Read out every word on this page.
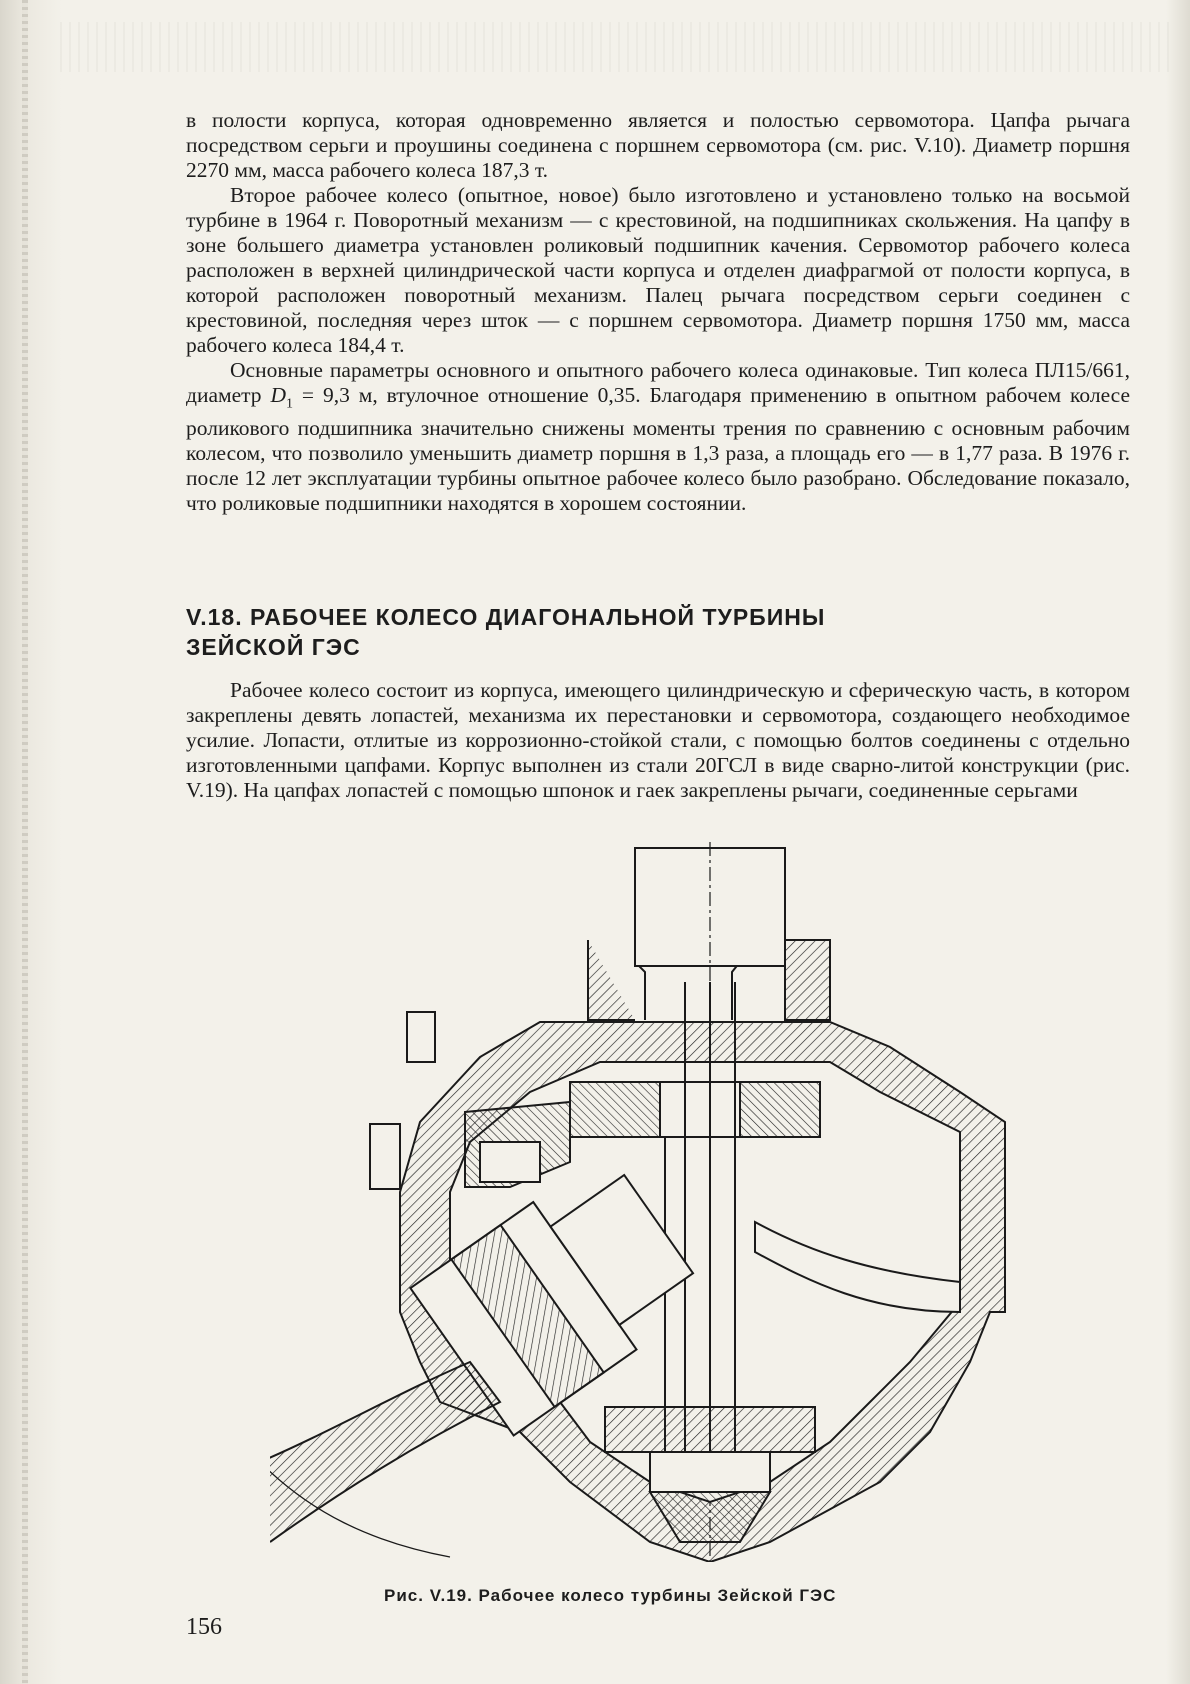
в полости корпуса, которая одновременно является и полостью сервомотора. Цапфа рычага посредством серьги и проушины соединена с поршнем сервомотора (см. рис. V.10). Диаметр поршня 2270 мм, масса рабочего колеса 187,3 т.

Второе рабочее колесо (опытное, новое) было изготовлено и установлено только на восьмой турбине в 1964 г. Поворотный механизм — с крестовиной, на подшипниках скольжения. На цапфу в зоне большего диаметра установлен роликовый подшипник качения. Сервомотор рабочего колеса расположен в верхней цилиндрической части корпуса и отделен диафрагмой от полости корпуса, в которой расположен поворотный механизм. Палец рычага посредством серьги соединен с крестовиной, последняя через шток — с поршнем сервомотора. Диаметр поршня 1750 мм, масса рабочего колеса 184,4 т.

Основные параметры основного и опытного рабочего колеса одинаковые. Тип колеса ПЛ15/661, диаметр $D_1 = 9,3$ м, втулочное отношение 0,35. Благодаря применению в опытном рабочем колесе роликового подшипника значительно снижены моменты трения по сравнению с основным рабочим колесом, что позволило уменьшить диаметр поршня в 1,3 раза, а площадь его — в 1,77 раза. В 1976 г. после 12 лет эксплуатации турбины опытное рабочее колесо было разобрано. Обследование показало, что роликовые подшипники находятся в хорошем состоянии.

V.18. РАБОЧЕЕ КОЛЕСО ДИАГОНАЛЬНОЙ ТУРБИНЫ
ЗЕЙСКОЙ ГЭС

Рабочее колесо состоит из корпуса, имеющего цилиндрическую и сферическую часть, в котором закреплены девять лопастей, механизма их перестановки и сервомотора, создающего необходимое усилие. Лопасти, отлитые из коррозионно-стойкой стали, с помощью болтов соединены с отдельно изготовленными цапфами. Корпус выполнен из стали 20ГСЛ в виде сварно-литой конструкции (рис. V.19). На цапфах лопастей с помощью шпонок и гаек закреплены рычаги, соединенные серьгами

Рис. V.19. Рабочее колесо турбины Зейской ГЭС
156
